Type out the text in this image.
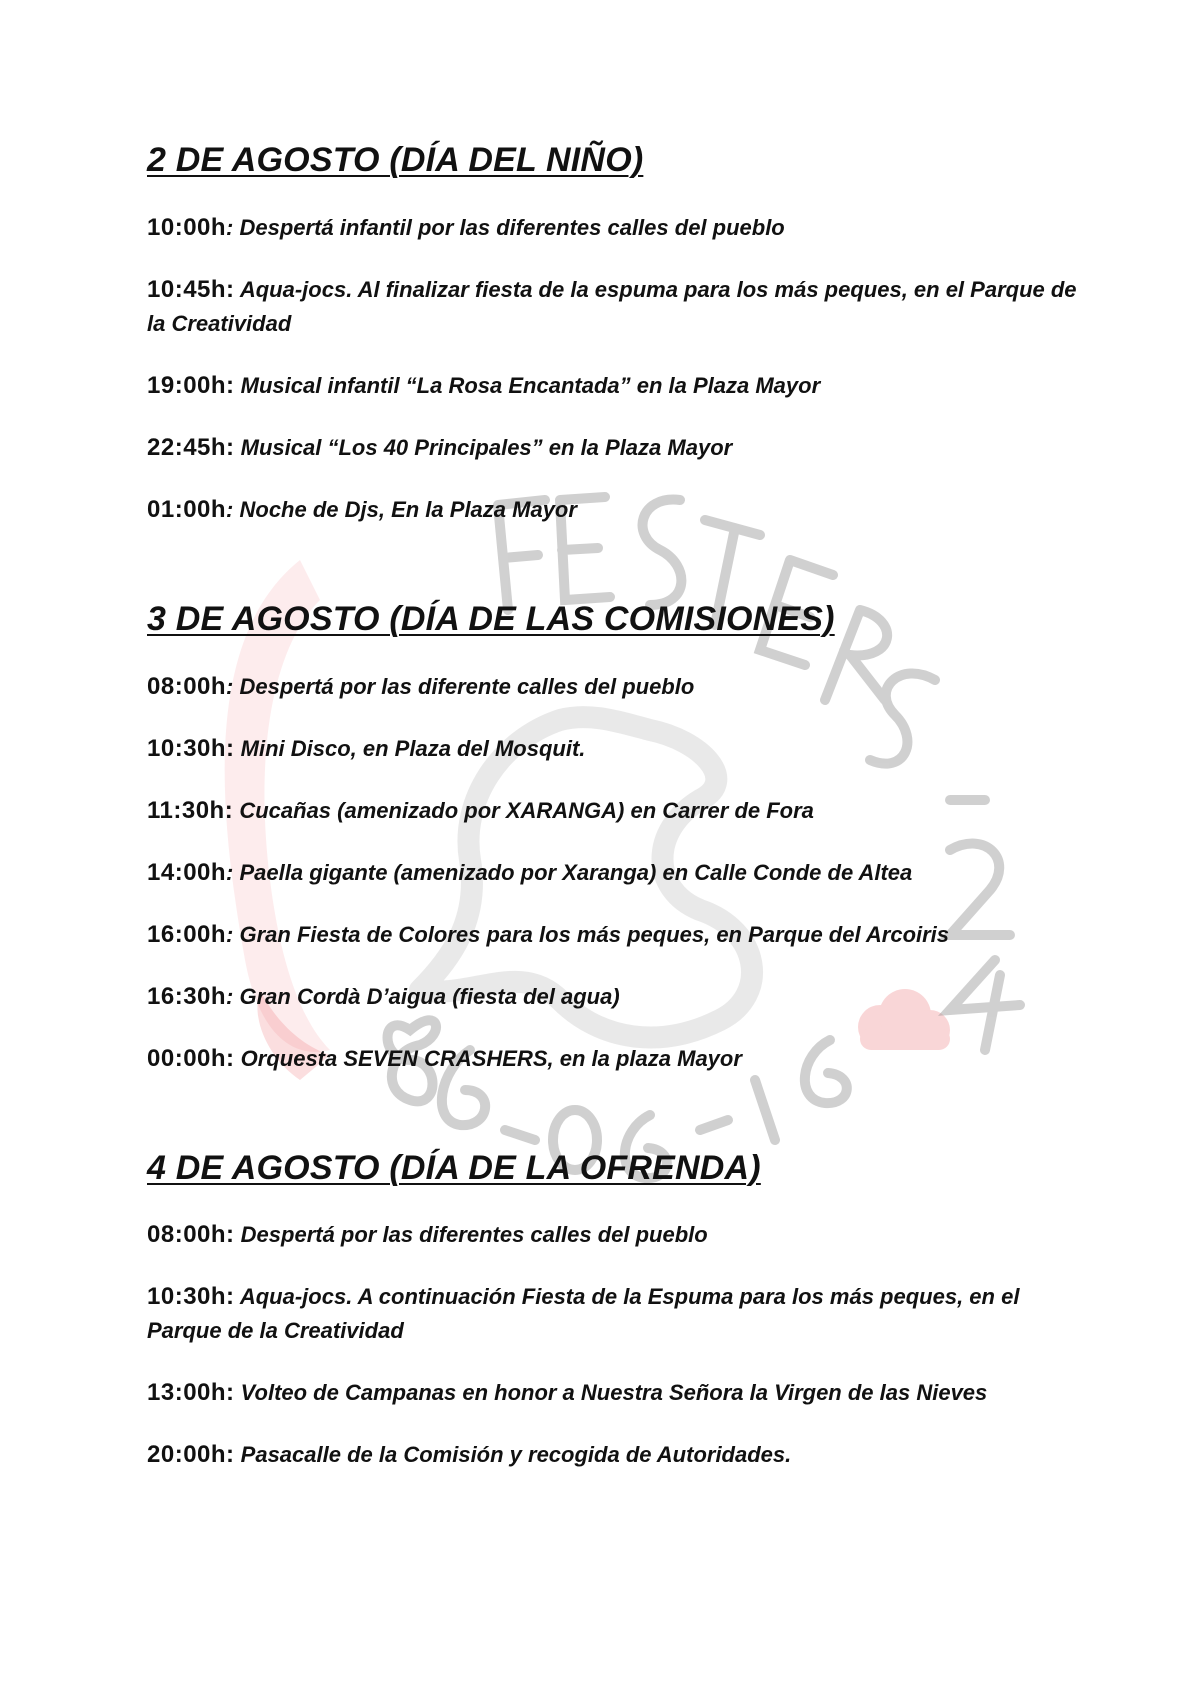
2 DE AGOSTO (DÍA DEL NIÑO)

10:00h: Despertá infantil por las diferentes calles del pueblo

10:45h: Aqua-jocs. Al finalizar fiesta de la espuma para los más peques, en el Parque de la Creatividad

19:00h: Musical infantil “La Rosa Encantada” en la Plaza Mayor

22:45h: Musical “Los 40 Principales” en la Plaza Mayor

01:00h: Noche de Djs, En la Plaza Mayor

3 DE AGOSTO (DÍA DE LAS COMISIONES)

08:00h: Despertá por las diferente calles del pueblo

10:30h: Mini Disco, en Plaza del Mosquit.

11:30h: Cucañas (amenizado por XARANGA) en Carrer de Fora

14:00h: Paella gigante (amenizado por Xaranga) en Calle Conde de Altea

16:00h: Gran Fiesta de Colores para los más peques, en Parque del Arcoiris

16:30h: Gran Cordà D’aigua (fiesta del agua)

00:00h: Orquesta SEVEN CRASHERS, en la plaza Mayor

4 DE AGOSTO (DÍA DE LA OFRENDA)

08:00h: Despertá por las diferentes calles del pueblo

10:30h: Aqua-jocs. A continuación Fiesta de la Espuma para los más peques, en el Parque de la Creatividad

13:00h: Volteo de Campanas en honor a Nuestra Señora la Virgen de las Nieves

20:00h: Pasacalle de la Comisión y recogida de Autoridades.
